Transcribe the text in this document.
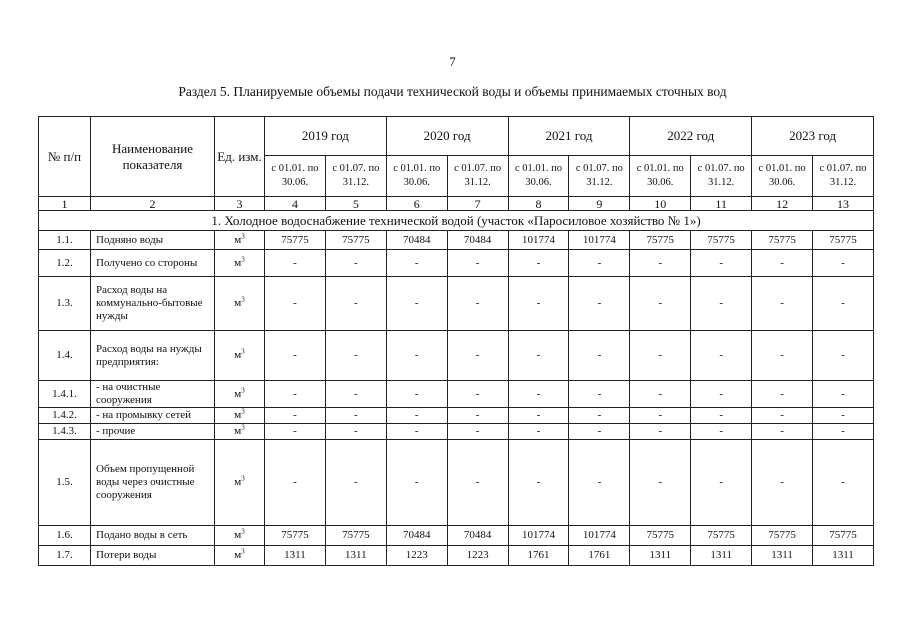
7
Раздел 5. Планируемые объемы подачи технической воды и объемы принимаемых сточных вод
№ п/п	Наименование показателя	Ед. изм.	2019 год		2020 год		2021 год		2022 год		2023 год	
			с 01.01. по 30.06.	с 01.07. по 31.12.	с 01.01. по 30.06.	с 01.07. по 31.12.	с 01.01. по 30.06.	с 01.07. по 31.12.	с 01.01. по 30.06.	с 01.07. по 31.12.	с 01.01. по 30.06.	с 01.07. по 31.12.
1	2	3	4	5	6	7	8	9	10	11	12	13
1. Холодное водоснабжение технической водой (участок «Паросиловое хозяйство № 1»)												
1.1.	Подняно воды	$м^3$	75775	75775	70484	70484	101774	101774	75775	75775	75775	75775
1.2.	Получено со стороны	$м^3$	-	-	-	-	-	-	-	-	-	-
1.3.	Расход воды на коммунально-бытовые нужды	$м^3$	-	-	-	-	-	-	-	-	-	-
1.4.	Расход воды на нужды предприятия:	$м^3$	-	-	-	-	-	-	-	-	-	-
1.4.1.	- на очистные сооружения	$м^3$	-	-	-	-	-	-	-	-	-	-
1.4.2.	- на промывку сетей	$м^3$	-	-	-	-	-	-	-	-	-	-
1.4.3.	- прочие	$м^3$	-	-	-	-	-	-	-	-	-	-
1.5.	Объем пропущенной воды через очистные сооружения	$м^3$	-	-	-	-	-	-	-	-	-	-
1.6.	Подано воды в сеть	$м^3$	75775	75775	70484	70484	101774	101774	75775	75775	75775	75775
1.7.	Потери воды	$м^3$	1311	1311	1223	1223	1761	1761	1311	1311	1311	1311
